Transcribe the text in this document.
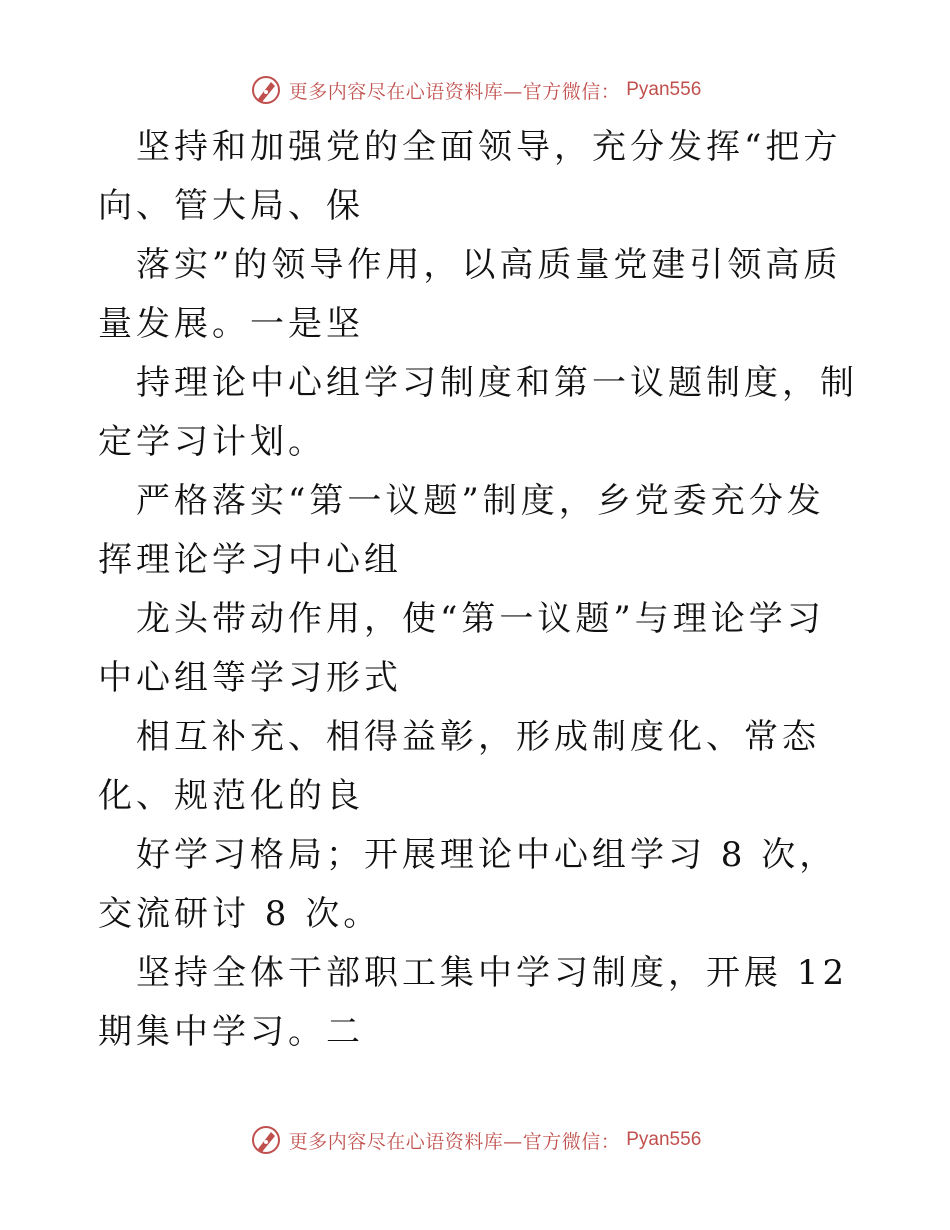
更多内容尽在心语资料库—官方微信： Pyan556

坚持和加强党的全面领导，充分发挥“把方向、管大局、保

落实”的领导作用，以高质量党建引领高质量发展。一是坚

持理论中心组学习制度和第一议题制度，制定学习计划。

严格落实“第一议题”制度，乡党委充分发挥理论学习中心组

龙头带动作用，使“第一议题”与理论学习中心组等学习形式

相互补充、相得益彰，形成制度化、常态化、规范化的良

好学习格局；开展理论中心组学习 8 次，交流研讨 8 次。

坚持全体干部职工集中学习制度，开展 12 期集中学习。二

更多内容尽在心语资料库—官方微信： Pyan556
